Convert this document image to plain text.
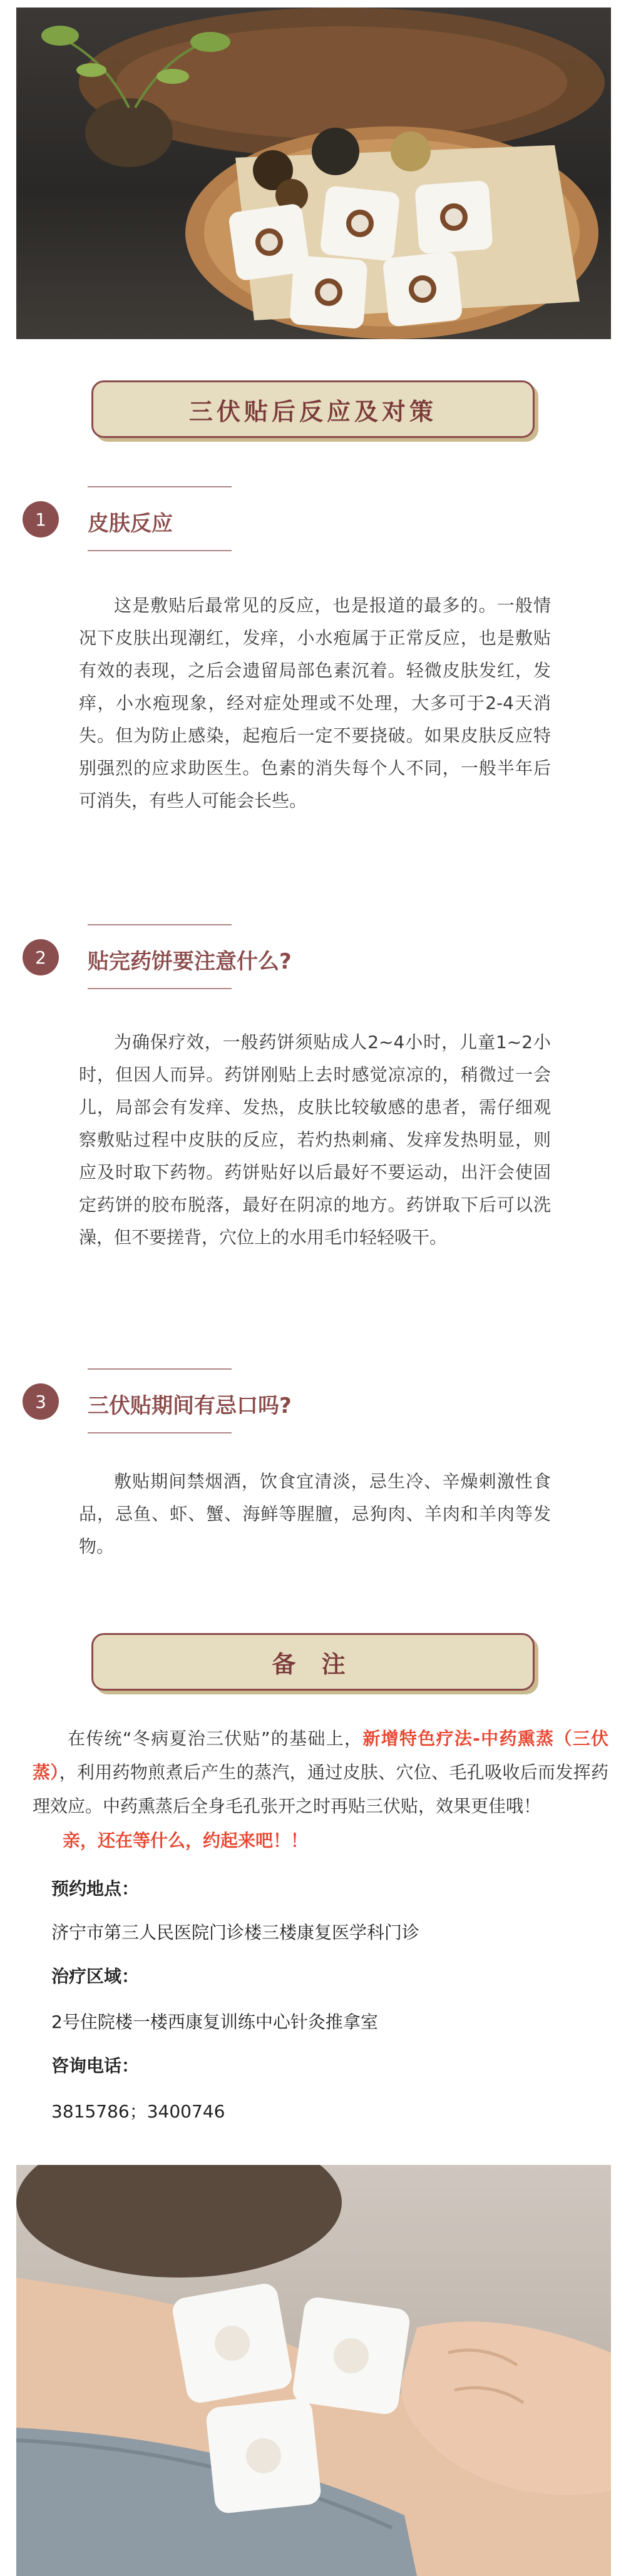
三伏贴后反应及对策
1	皮肤反应

这是敷贴后最常见的反应，也是报道的最多的。一般情况下皮肤出现潮红，发痒，小水疱属于正常反应，也是敷贴有效的表现，之后会遗留局部色素沉着。轻微皮肤发红，发痒，小水疱现象，经对症处理或不处理，大多可于2-4天消失。但为防止感染，起疱后一定不要挠破。如果皮肤反应特别强烈的应求助医生。色素的消失每个人不同，一般半年后可消失，有些人可能会长些。

2	贴完药饼要注意什么?

为确保疗效，一般药饼须贴成人2~4小时，儿童1~2小时，但因人而异。药饼刚贴上去时感觉凉凉的，稍微过一会儿，局部会有发痒、发热，皮肤比较敏感的患者，需仔细观察敷贴过程中皮肤的反应，若灼热刺痛、发痒发热明显，则应及时取下药物。药饼贴好以后最好不要运动，出汗会使固定药饼的胶布脱落，最好在阴凉的地方。药饼取下后可以洗澡，但不要搓背，穴位上的水用毛巾轻轻吸干。

3	三伏贴期间有忌口吗?

敷贴期间禁烟酒，饮食宜清淡，忌生冷、辛燥刺激性食品，忌鱼、虾、蟹、海鲜等腥膻，忌狗肉、羊肉和羊肉等发物。

备 注

在传统“冬病夏治三伏贴”的基础上，新增特色疗法-中药熏蒸（三伏蒸），利用药物煎煮后产生的蒸汽，通过皮肤、穴位、毛孔吸收后而发挥药理效应。中药熏蒸后全身毛孔张开之时再贴三伏贴，效果更佳哦！

亲，还在等什么，约起来吧！！
预约地点：
济宁市第三人民医院门诊楼三楼康复医学科门诊
治疗区域：
2号住院楼一楼西康复训练中心针灸推拿室
咨询电话：
3815786；3400746
